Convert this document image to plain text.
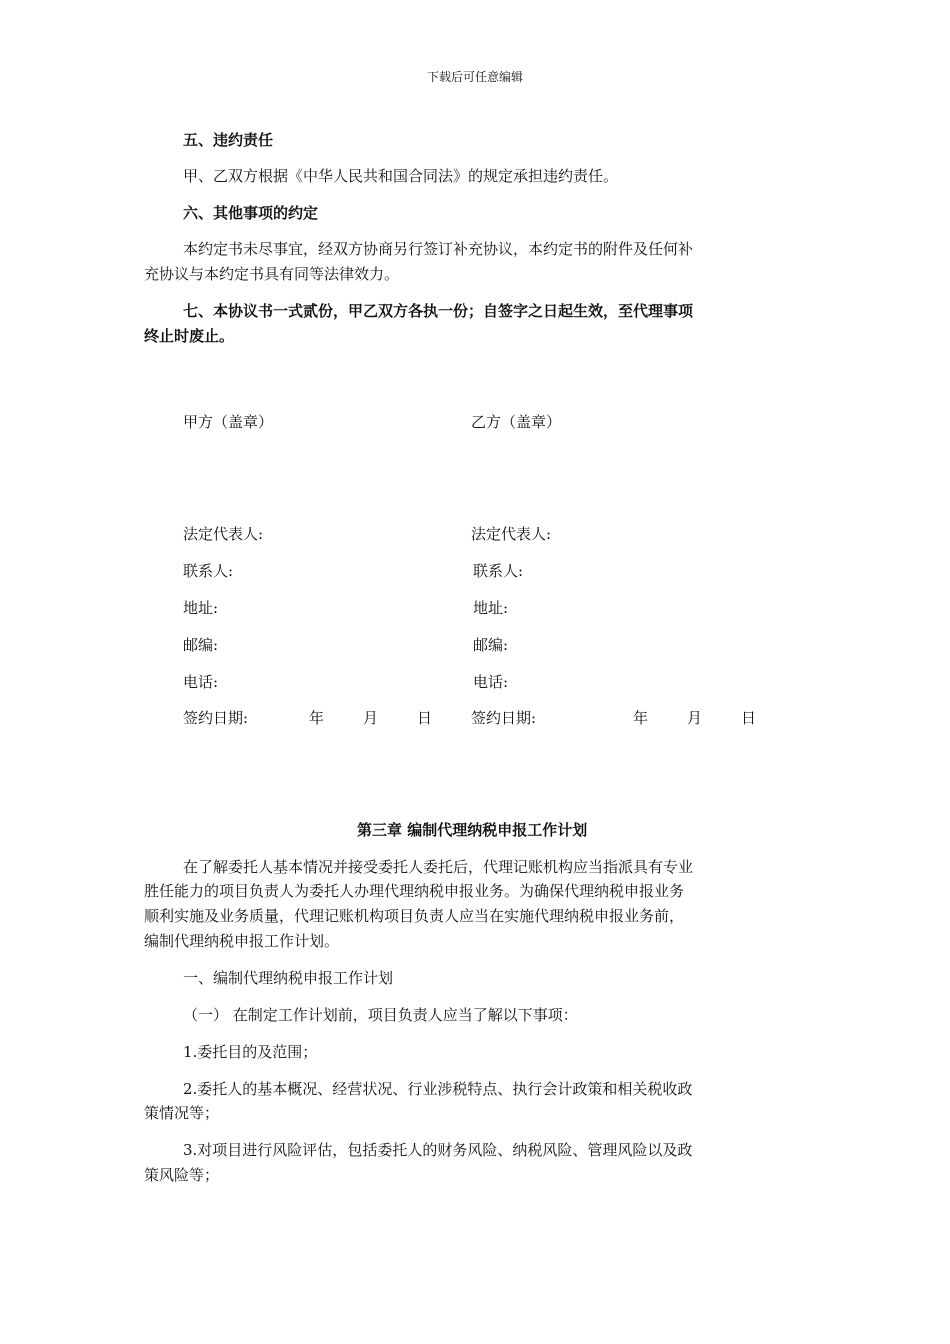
下载后可任意编辑
五、违约责任
甲、乙双方根据《中华人民共和国合同法》的规定承担违约责任。
六、其他事项的约定
本约定书未尽事宜，经双方协商另行签订补充协议，本约定书的附件及任何补
充协议与本约定书具有同等法律效力。
七、本协议书一式贰份，甲乙双方各执一份；自签字之日起生效，至代理事项
终止时废止。
甲方（盖章）
法定代表人:
联系人:
地址:
邮编:
电话:
签约日期:	年	月	日
乙方（盖章）
法定代表人:
联系人:
地址:
邮编:
电话:
签约日期:	年	月	日
第三章 编制代理纳税申报工作计划
在了解委托人基本情况并接受委托人委托后，代理记账机构应当指派具有专业
胜任能力的项目负责人为委托人办理代理纳税申报业务。为确保代理纳税申报业务
顺利实施及业务质量，代理记账机构项目负责人应当在实施代理纳税申报业务前，
编制代理纳税申报工作计划。
一、编制代理纳税申报工作计划
（一） 在制定工作计划前，项目负责人应当了解以下事项：
1.委托目的及范围；
2.委托人的基本概况、经营状况、行业涉税特点、执行会计政策和相关税收政
策情况等；
3.对项目进行风险评估，包括委托人的财务风险、纳税风险、管理风险以及政
策风险等；
